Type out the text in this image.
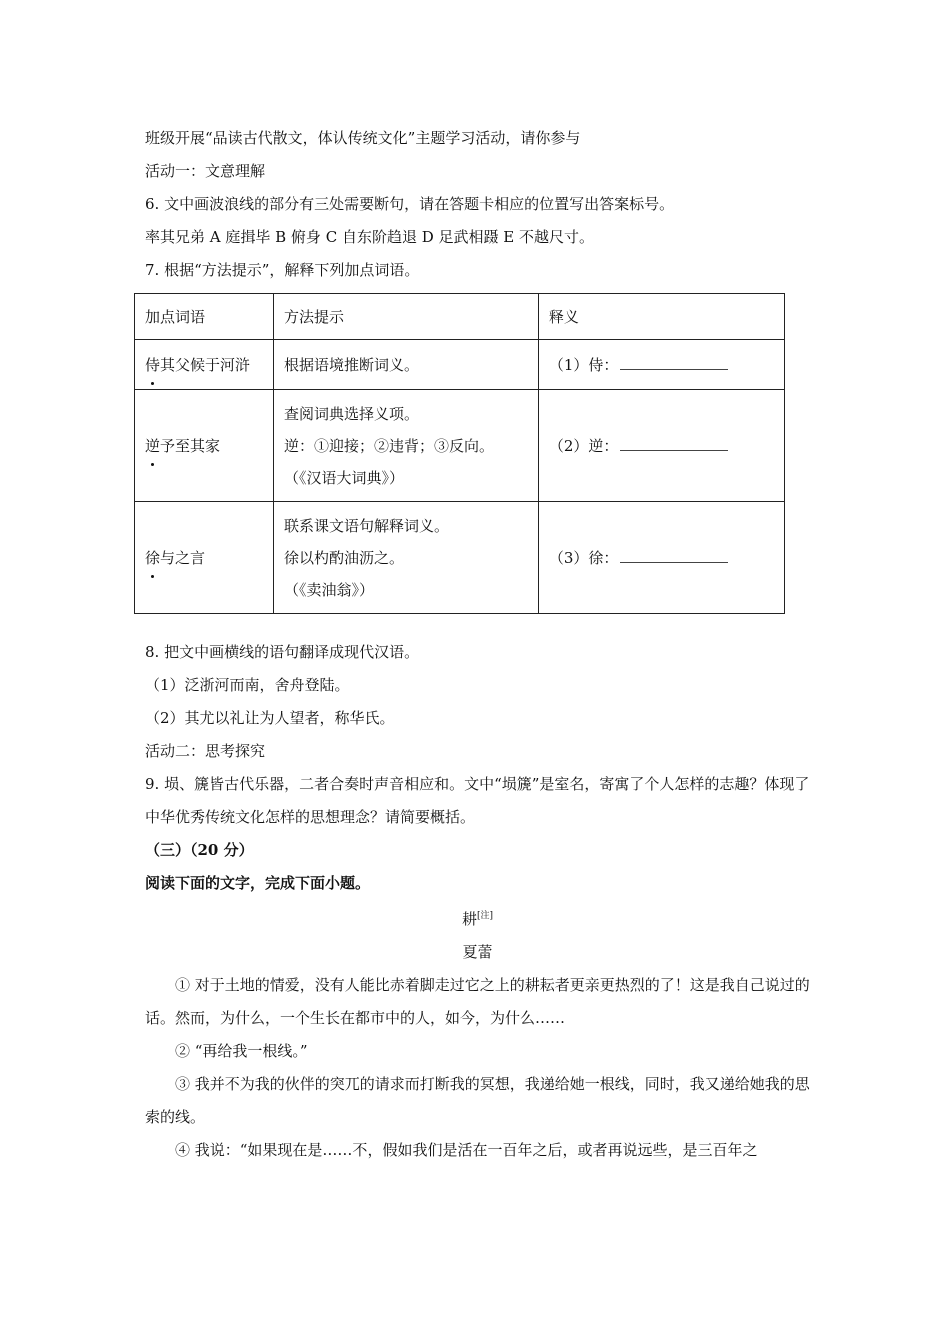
班级开展“品读古代散文，体认传统文化”主题学习活动，请你参与
活动一：文意理解
6. 文中画波浪线的部分有三处需要断句，请在答题卡相应的位置写出答案标号。
率其兄弟 A 庭揖毕 B 俯身 C 自东阶趋退 D 足武相蹑 E 不越尺寸。
7. 根据“方法提示”，解释下列加点词语。
加点词语	方法提示	释义
侍其父候于河浒	根据语境推断词义。	（1）侍：
逆予至其家	查阅词典选择义项。
逆：①迎接；②违背；③反向。
（《汉语大词典》）	（2）逆：
徐与之言	联系课文语句解释词义。
徐以杓酌油沥之。
（《卖油翁》）	（3）徐：
8. 把文中画横线的语句翻译成现代汉语。
（1）泛浙河而南，舍舟登陆。
（2）其尤以礼让为人望者，称华氏。
活动二：思考探究
9. 埙、篪皆古代乐器，二者合奏时声音相应和。文中“埙篪”是室名，寄寓了个人怎样的志趣？体现了中华优秀传统文化怎样的思想理念？请简要概括。
（三）（20 分）
阅读下面的文字，完成下面小题。
耕[注]
夏蕾
① 对于土地的情爱，没有人能比赤着脚走过它之上的耕耘者更亲更热烈的了！这是我自己说过的话。然而，为什么，一个生长在都市中的人，如今，为什么……
② “再给我一根线。”
③ 我并不为我的伙伴的突兀的请求而打断我的冥想，我递给她一根线，同时，我又递给她我的思索的线。
④ 我说：“如果现在是……不，假如我们是活在一百年之后，或者再说远些，是三百年之
